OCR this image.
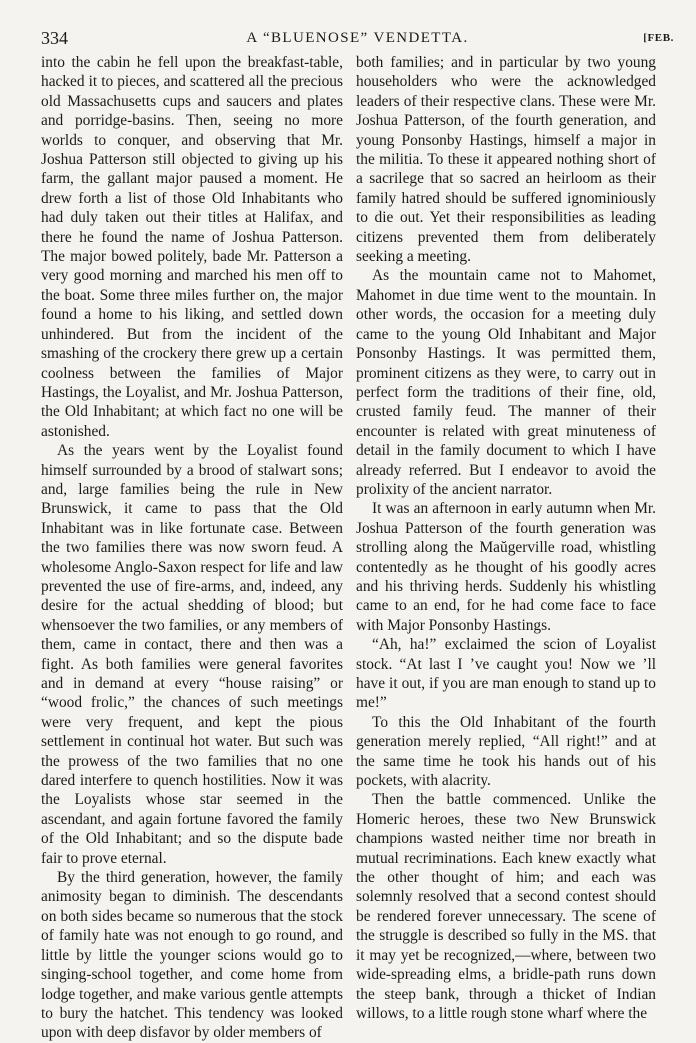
334	A “BLUENOSE” VENDETTA.	[FEB.

into the cabin he fell upon the breakfast-table, hacked it to pieces, and scattered all the precious old Massachusetts cups and saucers and plates and porridge-basins. Then, seeing no more worlds to conquer, and observing that Mr. Joshua Patterson still objected to giving up his farm, the gallant major paused a moment. He drew forth a list of those Old Inhabitants who had duly taken out their titles at Halifax, and there he found the name of Joshua Patterson. The major bowed politely, bade Mr. Patterson a very good morning and marched his men off to the boat. Some three miles further on, the major found a home to his liking, and settled down unhindered. But from the incident of the smashing of the crockery there grew up a certain coolness between the families of Major Hastings, the Loyalist, and Mr. Joshua Patterson, the Old Inhabitant; at which fact no one will be astonished.

As the years went by the Loyalist found himself surrounded by a brood of stalwart sons; and, large families being the rule in New Brunswick, it came to pass that the Old Inhabitant was in like fortunate case. Between the two families there was now sworn feud. A wholesome Anglo-Saxon respect for life and law prevented the use of fire-arms, and, indeed, any desire for the actual shedding of blood; but whensoever the two families, or any members of them, came in contact, there and then was a fight. As both families were general favorites and in demand at every “house raising” or “wood frolic,” the chances of such meetings were very frequent, and kept the pious settlement in continual hot water. But such was the prowess of the two families that no one dared interfere to quench hostilities. Now it was the Loyalists whose star seemed in the ascendant, and again fortune favored the family of the Old Inhabitant; and so the dispute bade fair to prove eternal.

By the third generation, however, the family animosity began to diminish. The descendants on both sides became so numerous that the stock of family hate was not enough to go round, and little by little the younger scions would go to singing-school together, and come home from lodge together, and make various gentle attempts to bury the hatchet. This tendency was looked upon with deep disfavor by older members of

both families; and in particular by two young householders who were the acknowledged leaders of their respective clans. These were Mr. Joshua Patterson, of the fourth generation, and young Ponsonby Hastings, himself a major in the militia. To these it appeared nothing short of a sacrilege that so sacred an heirloom as their family hatred should be suffered ignominiously to die out. Yet their responsibilities as leading citizens prevented them from deliberately seeking a meeting.

As the mountain came not to Mahomet, Mahomet in due time went to the mountain. In other words, the occasion for a meeting duly came to the young Old Inhabitant and Major Ponsonby Hastings. It was permitted them, prominent citizens as they were, to carry out in perfect form the traditions of their fine, old, crusted family feud. The manner of their encounter is related with great minuteness of detail in the family document to which I have already referred. But I endeavor to avoid the prolixity of the ancient narrator.

It was an afternoon in early autumn when Mr. Joshua Patterson of the fourth generation was strolling along the Maŭgerville road, whistling contentedly as he thought of his goodly acres and his thriving herds. Suddenly his whistling came to an end, for he had come face to face with Major Ponsonby Hastings.

“Ah, ha!” exclaimed the scion of Loyalist stock. “At last I ’ve caught you! Now we ’ll have it out, if you are man enough to stand up to me!”

To this the Old Inhabitant of the fourth generation merely replied, “All right!” and at the same time he took his hands out of his pockets, with alacrity.

Then the battle commenced. Unlike the Homeric heroes, these two New Brunswick champions wasted neither time nor breath in mutual recriminations. Each knew exactly what the other thought of him; and each was solemnly resolved that a second contest should be rendered forever unnecessary. The scene of the struggle is described so fully in the MS. that it may yet be recognized,—where, between two wide-spreading elms, a bridle-path runs down the steep bank, through a thicket of Indian willows, to a little rough stone wharf where the
